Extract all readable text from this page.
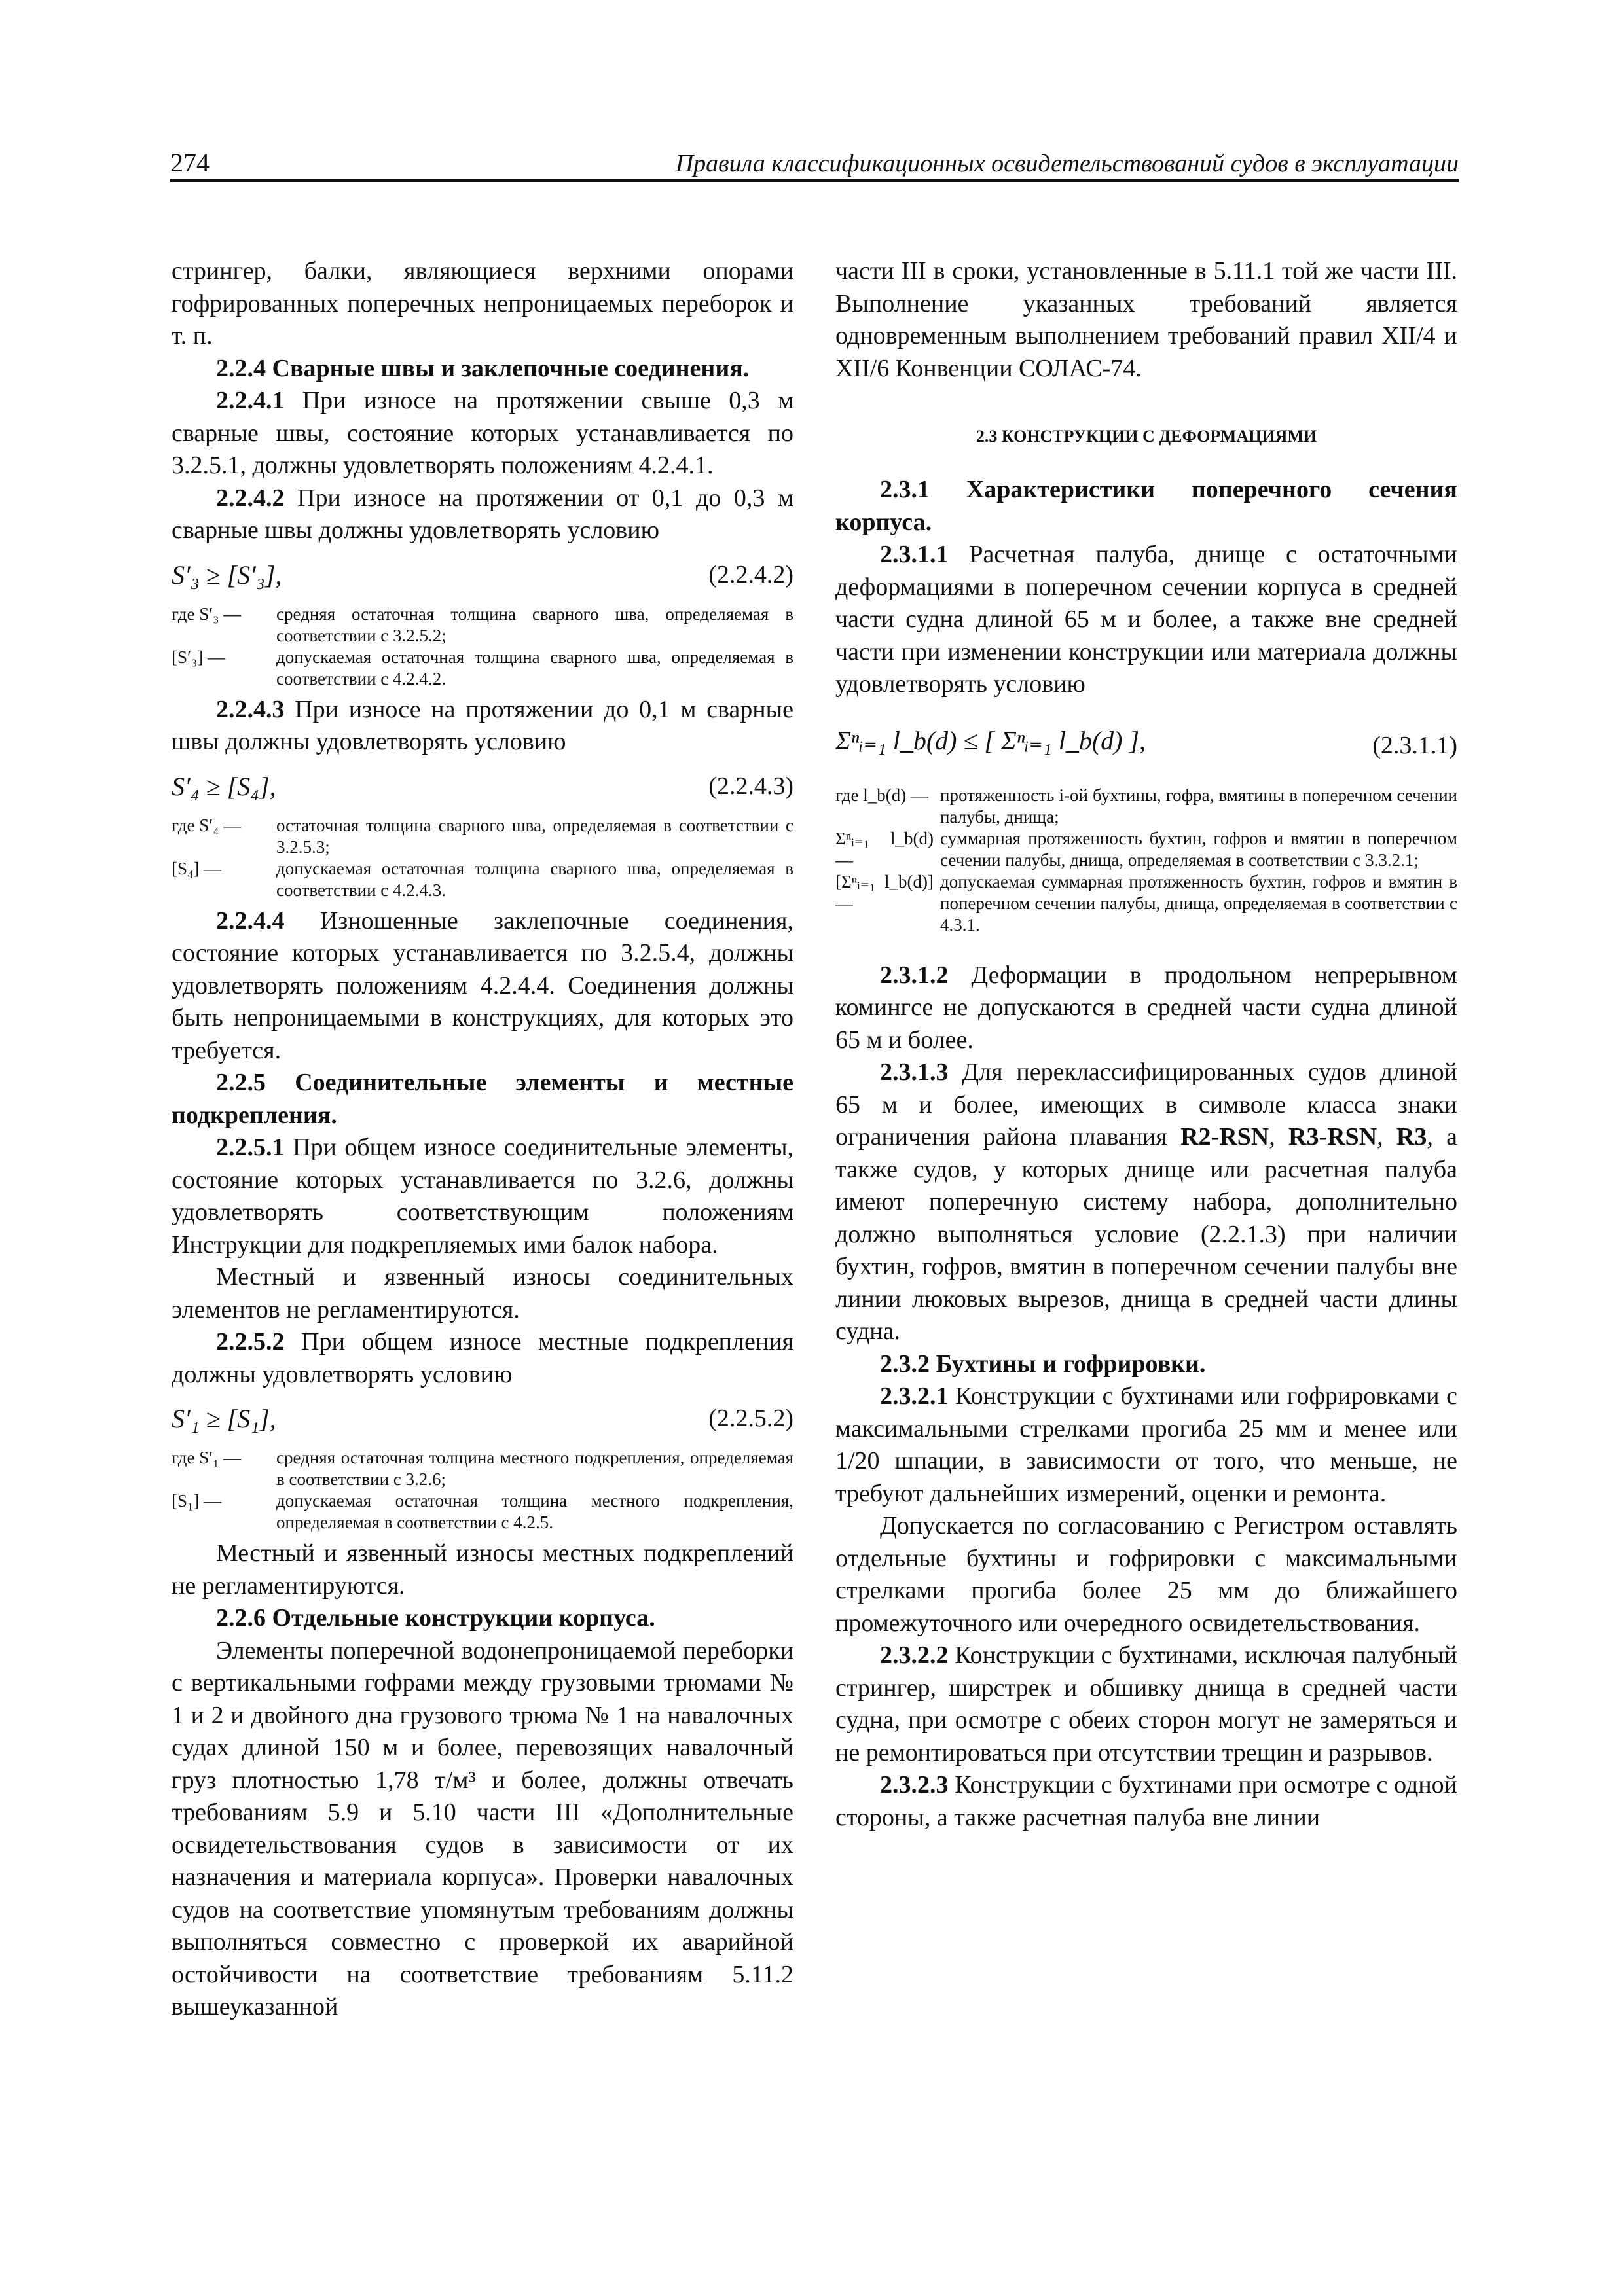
274	Правила классификационных освидетельствований судов в эксплуатации

стрингер, балки, являющиеся верхними опорами гофрированных поперечных непроницаемых переборок и т. п.

2.2.4 Сварные швы и заклепочные соединения.

2.2.4.1 При износе на протяжении свыше 0,3 м сварные швы, состояние которых устанавливается по 3.2.5.1, должны удовлетворять положениям 4.2.4.1.

2.2.4.2 При износе на протяжении от 0,1 до 0,3 м сварные швы должны удовлетворять условию

S′₃ ≥ [S′₃],	(2.2.4.2)
где S′₃ —	средняя остаточная толщина сварного шва, определяемая в соответствии с 3.2.5.2;
[S′₃] —	допускаемая остаточная толщина сварного шва, определяемая в соответствии с 4.2.4.2.

2.2.4.3 При износе на протяжении до 0,1 м сварные швы должны удовлетворять условию

S′₄ ≥ [S₄],	(2.2.4.3)
где S′₄ —	остаточная толщина сварного шва, определяемая в соответствии с 3.2.5.3;
[S₄] —	допускаемая остаточная толщина сварного шва, определяемая в соответствии с 4.2.4.3.

2.2.4.4 Изношенные заклепочные соединения, состояние которых устанавливается по 3.2.5.4, должны удовлетворять положениям 4.2.4.4. Соединения должны быть непроницаемыми в конструкциях, для которых это требуется.

2.2.5 Соединительные элементы и местные подкрепления.

2.2.5.1 При общем износе соединительные элементы, состояние которых устанавливается по 3.2.6, должны удовлетворять соответствующим положениям Инструкции для подкрепляемых ими балок набора.

Местный и язвенный износы соединительных элементов не регламентируются.

2.2.5.2 При общем износе местные подкрепления должны удовлетворять условию

S′₁ ≥ [S₁],	(2.2.5.2)
где S′₁ —	средняя остаточная толщина местного подкрепления, определяемая в соответствии с 3.2.6;
[S₁] —	допускаемая остаточная толщина местного подкрепления, определяемая в соответствии с 4.2.5.

Местный и язвенный износы местных подкреплений не регламентируются.

2.2.6 Отдельные конструкции корпуса.

Элементы поперечной водонепроницаемой переборки с вертикальными гофрами между грузовыми трюмами № 1 и 2 и двойного дна грузового трюма № 1 на навалочных судах длиной 150 м и более, перевозящих навалочный груз плотностью 1,78 т/м³ и более, должны отвечать требованиям 5.9 и 5.10 части III «Дополнительные освидетельствования судов в зависимости от их назначения и материала корпуса». Проверки навалочных судов на соответствие упомянутым требованиям должны выполняться совместно с проверкой их аварийной остойчивости на соответствие требованиям 5.11.2 вышеуказанной

части III в сроки, установленные в 5.11.1 той же части III. Выполнение указанных требований является одновременным выполнением требований правил XII/4 и XII/6 Конвенции СОЛАС-74.

2.3 КОНСТРУКЦИИ С ДЕФОРМАЦИЯМИ

2.3.1 Характеристики поперечного сечения корпуса.

2.3.1.1 Расчетная палуба, днище с остаточными деформациями в поперечном сечении корпуса в средней части судна длиной 65 м и более, а также вне средней части при изменении конструкции или материала должны удовлетворять условию

Σⁿᵢ₌₁ l_b(d) ≤ [ Σⁿᵢ₌₁ l_b(d) ],	(2.3.1.1)
где l_b(d) — протяженность i-ой бухтины, гофра, вмятины в поперечном сечении палубы, днища;
Σⁿᵢ₌₁ l_b(d) —
суммарная протяженность бухтин, гофров и вмятин в поперечном сечении палубы, днища, определяемая в соответствии с 3.3.2.1;
[Σⁿᵢ₌₁ l_b(d)] —
допускаемая суммарная протяженность бухтин, гофров и вмятин в поперечном сечении палубы, днища, определяемая в соответствии с 4.3.1.

2.3.1.2 Деформации в продольном непрерывном комингсе не допускаются в средней части судна длиной 65 м и более.

2.3.1.3 Для переклассифицированных судов длиной 65 м и более, имеющих в символе класса знаки ограничения района плавания R2-RSN, R3-RSN, R3, а также судов, у которых днище или расчетная палуба имеют поперечную систему набора, дополнительно должно выполняться условие (2.2.1.3) при наличии бухтин, гофров, вмятин в поперечном сечении палубы вне линии люковых вырезов, днища в средней части длины судна.

2.3.2 Бухтины и гофрировки.

2.3.2.1 Конструкции с бухтинами или гофрировками с максимальными стрелками прогиба 25 мм и менее или 1/20 шпации, в зависимости от того, что меньше, не требуют дальнейших измерений, оценки и ремонта.

Допускается по согласованию с Регистром оставлять отдельные бухтины и гофрировки с максимальными стрелками прогиба более 25 мм до ближайшего промежуточного или очередного освидетельствования.

2.3.2.2 Конструкции с бухтинами, исключая палубный стрингер, ширстрек и обшивку днища в средней части судна, при осмотре с обеих сторон могут не замеряться и не ремонтироваться при отсутствии трещин и разрывов.

2.3.2.3 Конструкции с бухтинами при осмотре с одной стороны, а также расчетная палуба вне линии
